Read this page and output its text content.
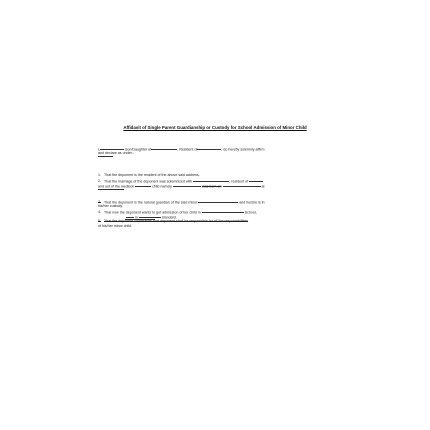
Affidavit of Single Parent Guardianship or Custody for School Admission of Minor Child
I,	Son/Daughter of	, Resident of	, do hereby solemnly affirm
and declare as under:-
1. That the deponent is the resident of the above said address.
2. That the marriage of the deponent was solemnized with	, resident of
and out of the wedlock	child namely	was born on	at
3. That the deponent is the natural guardian of the said minor	and he/she is in
his/her custody.
4. That now the deponent wants to get admission of her child in	School,
in	standard.
5. That the deponent undertakes that deponent shall be responsible for all the responsibilities
of his/her minor child.
